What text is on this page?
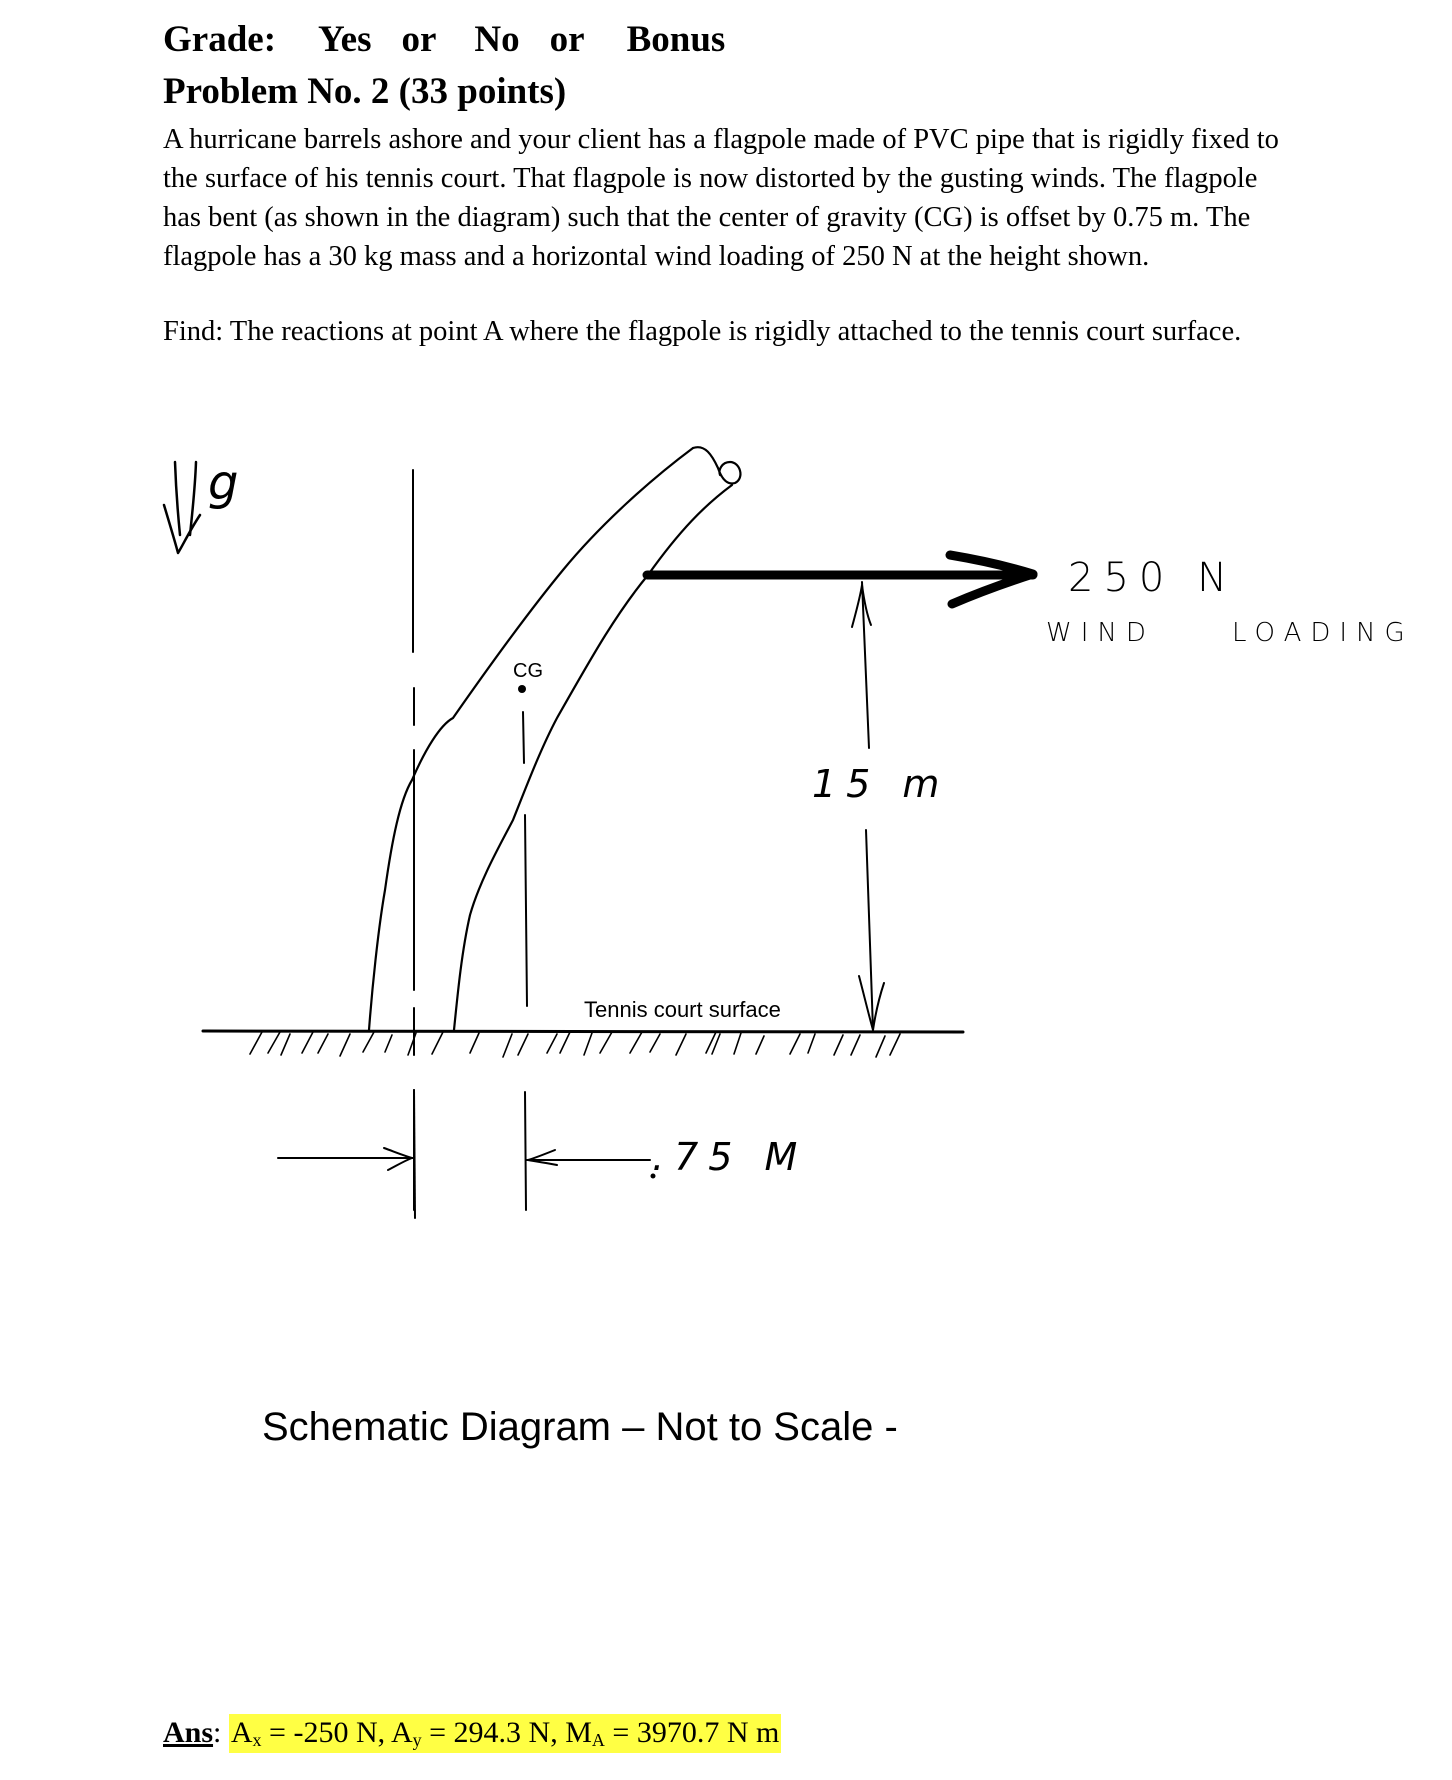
Grade: Yes or No or Bonus
Problem No. 2 (33 points)
A hurricane barrels ashore and your client has a flagpole made of PVC pipe that is rigidly fixed to
the surface of his tennis court. That flagpole is now distorted by the gusting winds. The flagpole
has bent (as shown in the diagram) such that the center of gravity (CG) is offset by 0.75 m. The
flagpole has a 30 kg mass and a horizontal wind loading of 250 N at the height shown.
Find: The reactions at point A where the flagpole is rigidly attached to the tennis court surface.
g
CG
250 N
WIND	LOADING
15 m
Tennis court surface
.75 M
Schematic Diagram – Not to Scale -
Ans: $A_x = -250$ N, $A_y = 294.3$ N, $M_A = 3970.7$ N m
